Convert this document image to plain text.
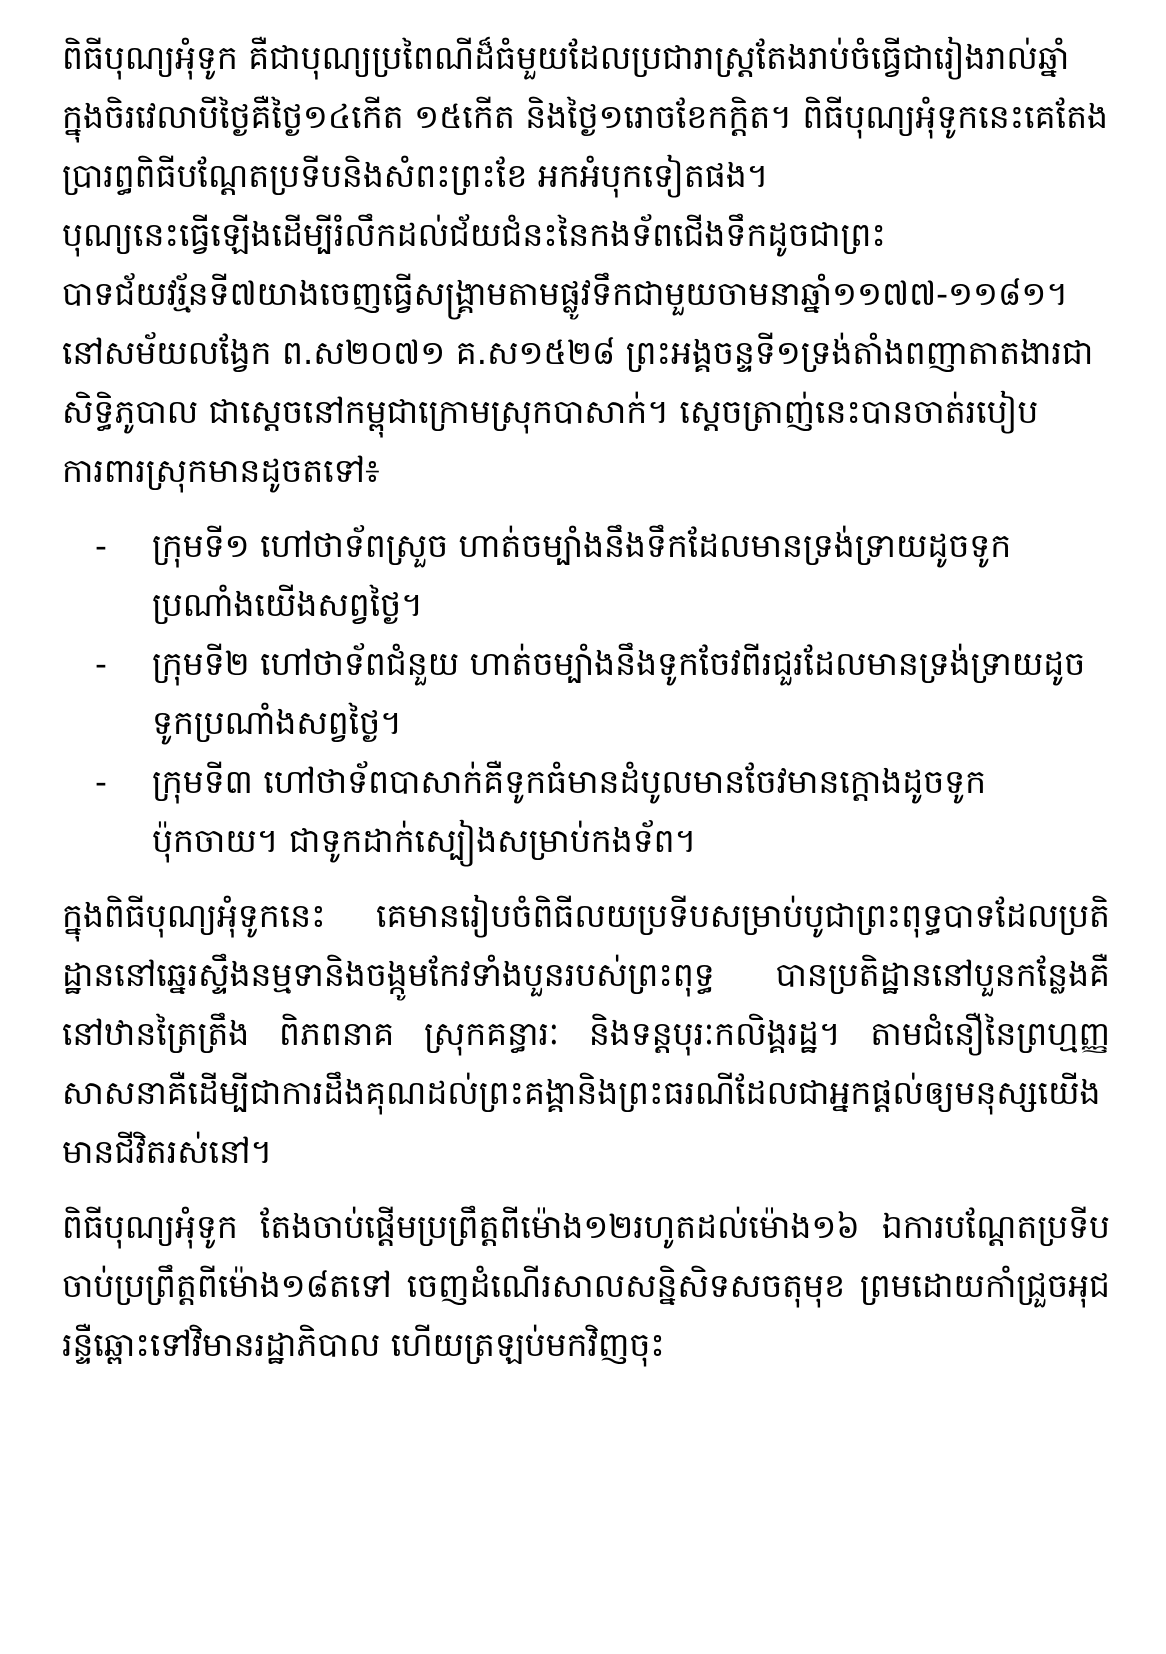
ពិធីបុណ្យអុំទូក គឺជាបុណ្យប្រពៃណីដ៏ធំមួយដែលប្រជារាស្ត្រតែងរាប់ចំធ្វើជារៀងរាល់ឆ្នាំ ក្នុងចិរវេលាបីថ្ងៃគឺថ្ងៃ១៤កើត ១៥កើត និងថ្ងៃ១រោចខែកក្ដិត។ ពិធីបុណ្យអុំទូកនេះគេតែងប្រារព្ធពិធីបណ្ដែតប្រទីបនិងសំពះព្រះខែ អកអំបុកទៀតផង។

បុណ្យនេះធ្វើឡើងដើម្បីរំលឹកដល់ជ័យជំនះនៃកងទ័ពជើងទឹកដូចជាព្រះបាទជ័យវរ្ម័នទី៧យាងចេញធ្វើសង្គ្រាមតាមផ្លូវទឹកជាមួយចាមនាឆ្នាំ១១៧៧-១១៨១។

នៅសម័យលង្វែក ព.ស២០៧១ គ.ស១៥២៨ ព្រះអង្គចន្ទទី១ទ្រង់តាំងពញាតាតងារជាសិទ្ធិភូបាល ជាស្ដេចនៅកម្ពុជាក្រោមស្រុកបាសាក់។ ស្ដេចត្រាញ់នេះបានចាត់របៀបការពារស្រុកមានដូចតទៅ៖

- ក្រុមទី១ ហៅថាទ័ពស្រួច ហាត់ចម្បាំងនឹងទឹកដែលមានទ្រង់ទ្រាយដូចទូកប្រណាំងយើងសព្វថ្ងៃ។
- ក្រុមទី២ ហៅថាទ័ពជំនួយ ហាត់ចម្បាំងនឹងទូកចែវពីរជួរដែលមានទ្រង់ទ្រាយដូចទូកប្រណាំងសព្វថ្ងៃ។
- ក្រុមទី៣ ហៅថាទ័ពបាសាក់គឺទូកធំមានដំបូលមានចែវមានក្ដោងដូចទូកប៉ុកចាយ។ ជាទូកដាក់ស្បៀងសម្រាប់កងទ័ព។

ក្នុងពិធីបុណ្យអុំទូកនេះ គេមានរៀបចំពិធីលយប្រទីបសម្រាប់បូជាព្រះពុទ្ធបាទដែលប្រតិដ្ឋាននៅឆ្នេរស្ទឹងនម្មទានិងចង្កូមកែវទាំងបួនរបស់ព្រះពុទ្ធ បានប្រតិដ្ឋាននៅបួនកន្លែងគឺ នៅឋានត្រៃត្រឹង ពិភពនាគ ស្រុកគន្ធារៈ និងទន្តបុរៈកលិង្គរដ្ឋ។ តាមជំនឿនៃព្រហ្មញ្ញសាសនាគឺដើម្បីជាការដឹងគុណដល់ព្រះគង្គានិងព្រះធរណីដែលជាអ្នកផ្ដល់ឲ្យមនុស្សយើងមានជីវិតរស់នៅ។

ពិធីបុណ្យអុំទូក តែងចាប់ផ្ដើមប្រព្រឹត្តពីម៉ោង១២រហូតដល់ម៉ោង១៦ ឯការបណ្ដែតប្រទីបចាប់ប្រព្រឹត្តពីម៉ោង១៨តទៅ ចេញដំណើរសាលសន្និសិទសចតុមុខ ព្រមដោយកាំជ្រួចអុជរន្ទឺឆ្ពោះទៅវិមានរដ្ឋាភិបាល ហើយត្រឡប់មកវិញចុះ
